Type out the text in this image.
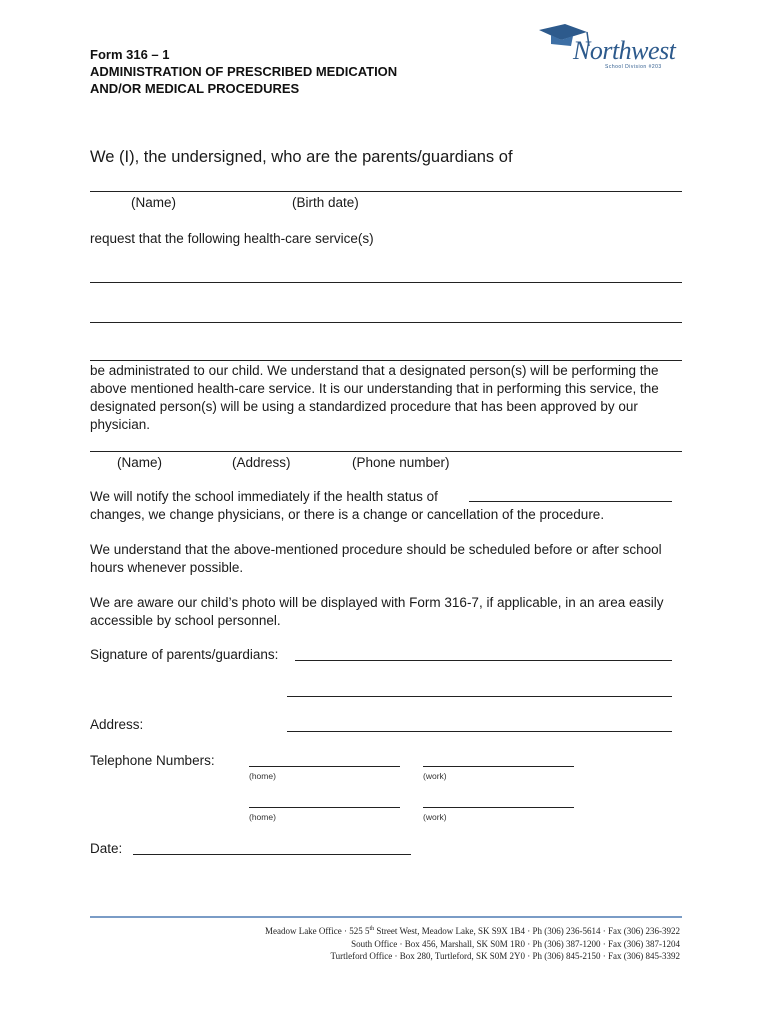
Form 316 – 1
ADMINISTRATION OF PRESCRIBED MEDICATION
AND/OR MEDICAL PROCEDURES
Northwest
School Division #203
We (I), the undersigned, who are the parents/guardians of
(Name)	(Birth date)
request that the following health-care service(s)
be administrated to our child. We understand that a designated person(s) will be performing the above mentioned health-care service. It is our understanding that in performing this service, the designated person(s) will be using a standardized procedure that has been approved by our physician.
(Name)	(Address)	(Phone number)
We will notify the school immediately if the health status of
changes, we change physicians, or there is a change or cancellation of the procedure.
We understand that the above-mentioned procedure should be scheduled before or after school hours whenever possible.
We are aware our child’s photo will be displayed with Form 316-7, if applicable, in an area easily accessible by school personnel.
Signature of parents/guardians:
Address:
Telephone Numbers:
(home)	(work)
(home)	(work)
Date:
Meadow Lake Office · 525 5th Street West, Meadow Lake, SK S9X 1B4 · Ph (306) 236-5614 · Fax (306) 236-3922
South Office · Box 456, Marshall, SK S0M 1R0 · Ph (306) 387-1200 · Fax (306) 387-1204
Turtleford Office · Box 280, Turtleford, SK S0M 2Y0 · Ph (306) 845-2150 · Fax (306) 845-3392
